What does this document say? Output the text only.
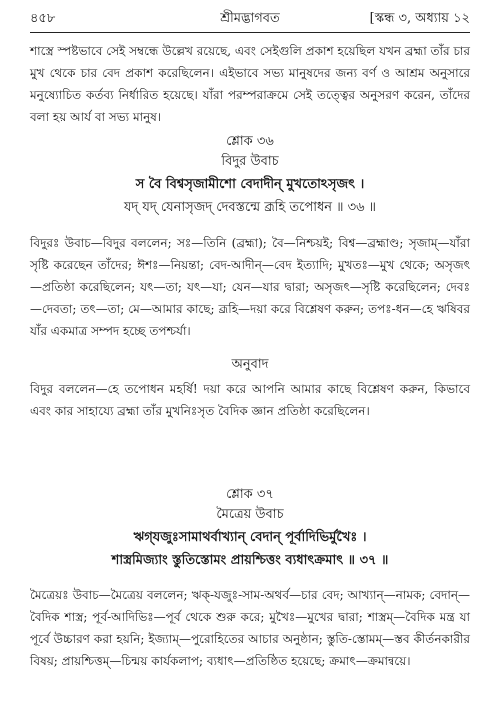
৪৫৮	শ্রীমদ্ভাগবত	[স্কন্ধ ৩, অধ্যায় ১২

শাস্ত্রে স্পষ্টভাবে সেই সম্বন্ধে উল্লেখ রয়েছে, এবং সেইগুলি প্রকাশ হয়েছিল যখন ব্রহ্মা তাঁর চার মুখ থেকে চার বেদ প্রকাশ করেছিলেন। এইভাবে সভ্য মানুষদের জন্য বর্ণ ও আশ্রম অনুসারে মনুষ্যোচিত কর্তব্য নির্ধারিত হয়েছে। যাঁরা পরম্পরাক্রমে সেই তত্ত্বের অনুসরণ করেন, তাঁদের বলা হয় আর্য বা সভ্য মানুষ।

শ্লোক ৩৬

বিদুর উবাচ

স বৈ বিশ্বসৃজামীশো বেদাদীন্ মুখতোঽসৃজৎ ।

যদ্ যদ্ যেনাসৃজদ্ দেবস্তন্মে ব্রূহি তপোধন ॥ ৩৬ ॥

বিদুরঃ উবাচ—বিদুর বললেন; সঃ—তিনি (ব্রহ্মা); বৈ—নিশ্চয়ই; বিশ্ব—ব্রহ্মাণ্ড; সৃজাম্—যাঁরা সৃষ্টি করেছেন তাঁদের; ঈশঃ—নিয়ন্তা; বেদ-আদীন্—বেদ ইত্যাদি; মুখতঃ—মুখ থেকে; অসৃজৎ—প্রতিষ্ঠা করেছিলেন; যৎ—তা; যৎ—যা; যেন—যার দ্বারা; অসৃজৎ—সৃষ্টি করেছিলেন; দেবঃ—দেবতা; তৎ—তা; মে—আমার কাছে; ব্রূহি—দয়া করে বিশ্লেষণ করুন; তপঃ-ধন—হে ঋষিবর যাঁর একমাত্র সম্পদ হচ্ছে তপশ্চর্যা।

অনুবাদ

বিদুর বললেন—হে তপোধন মহর্ষি! দয়া করে আপনি আমার কাছে বিশ্লেষণ করুন, কিভাবে এবং কার সাহায্যে ব্রহ্মা তাঁর মুখনিঃসৃত বৈদিক জ্ঞান প্রতিষ্ঠা করেছিলেন।

শ্লোক ৩৭

মৈত্রেয় উবাচ

ঋগ্‌যজুঃসামাথর্বাখ্যান্ বেদান্ পূর্বাদিভির্মুখৈঃ ।

শাস্ত্রমিজ্যাং স্তুতিস্তোমং প্রায়শ্চিত্তং ব্যধাৎক্রমাৎ ॥ ৩৭ ॥

মৈত্রেয়ঃ উবাচ—মৈত্রেয় বললেন; ঋক্-যজুঃ-সাম-অথর্ব—চার বেদ; আখ্যান্—নামক; বেদান্—বৈদিক শাস্ত্র; পূর্ব-আদিভিঃ—পূর্ব থেকে শুরু করে; মুখৈঃ—মুখের দ্বারা; শাস্ত্রম্—বৈদিক মন্ত্র যা পূর্বে উচ্চারণ করা হয়নি; ইজ্যাম্—পুরোহিতের আচার অনুষ্ঠান; স্তুতি-স্তোমম্—স্তব কীর্তনকারীর বিষয়; প্রায়শ্চিত্তম্—চিন্ময় কার্যকলাপ; ব্যধাৎ—প্রতিষ্ঠিত হয়েছে; ক্রমাৎ—ক্রমান্বয়ে।
